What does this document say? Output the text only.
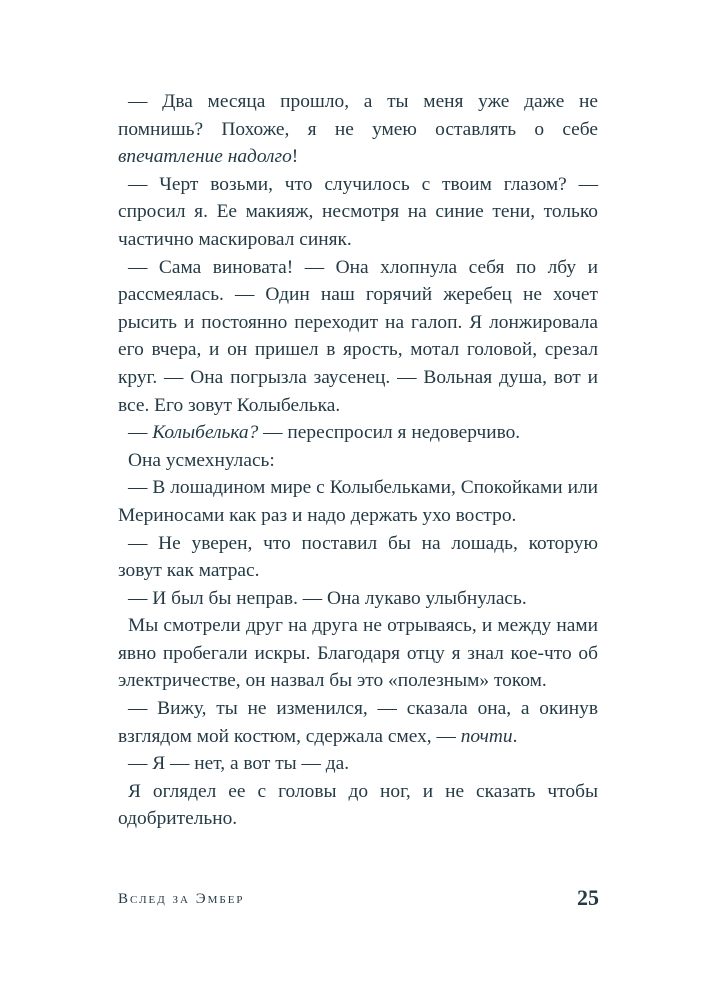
— Два месяца прошло, а ты меня уже даже не помнишь? Похоже, я не умею оставлять о себе впечатление надолго!

— Черт возьми, что случилось с твоим глазом? — спросил я. Ее макияж, несмотря на синие тени, только частично маскировал синяк.

— Сама виновата! — Она хлопнула себя по лбу и рассмеялась. — Один наш горячий жеребец не хочет рысить и постоянно переходит на галоп. Я лонжировала его вчера, и он пришел в ярость, мотал головой, срезал круг. — Она погрызла заусенец. — Вольная душа, вот и все. Его зовут Колыбелька.

— Колыбелька? — переспросил я недоверчиво.

Она усмехнулась:

— В лошадином мире с Колыбельками, Спокойками или Мериносами как раз и надо держать ухо востро.

— Не уверен, что поставил бы на лошадь, которую зовут как матрас.

— И был бы неправ. — Она лукаво улыбнулась.

Мы смотрели друг на друга не отрываясь, и между нами явно пробегали искры. Благодаря отцу я знал кое-что об электричестве, он назвал бы это «полезным» током.

— Вижу, ты не изменился, — сказала она, а окинув взглядом мой костюм, сдержала смех, — почти.

— Я — нет, а вот ты — да.

Я оглядел ее с головы до ног, и не сказать чтобы одобрительно.

Вслед за Эмбер	25
